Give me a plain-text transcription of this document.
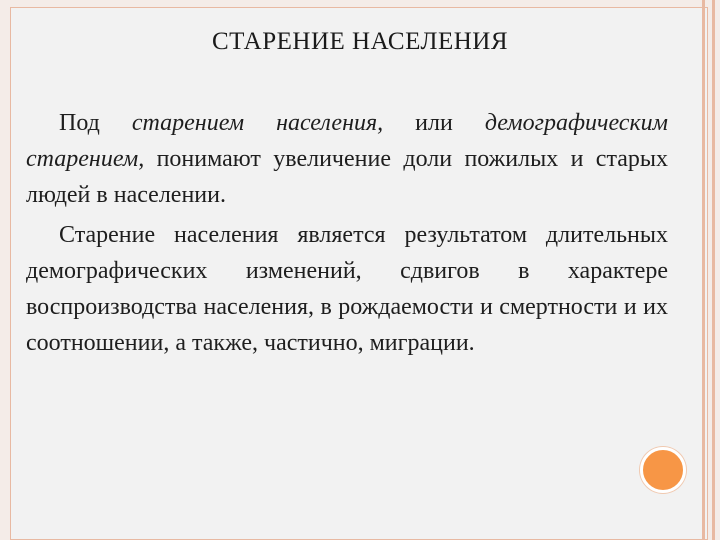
СТАРЕНИЕ НАСЕЛЕНИЯ

Под старением населения, или демографическим старением, понимают увеличение доли пожилых и старых людей в населении.

Старение населения является результатом длительных демографических изменений, сдвигов в характере воспроизводства населения, в рождаемости и смертности и их соотношении, а также, частично, миграции.
